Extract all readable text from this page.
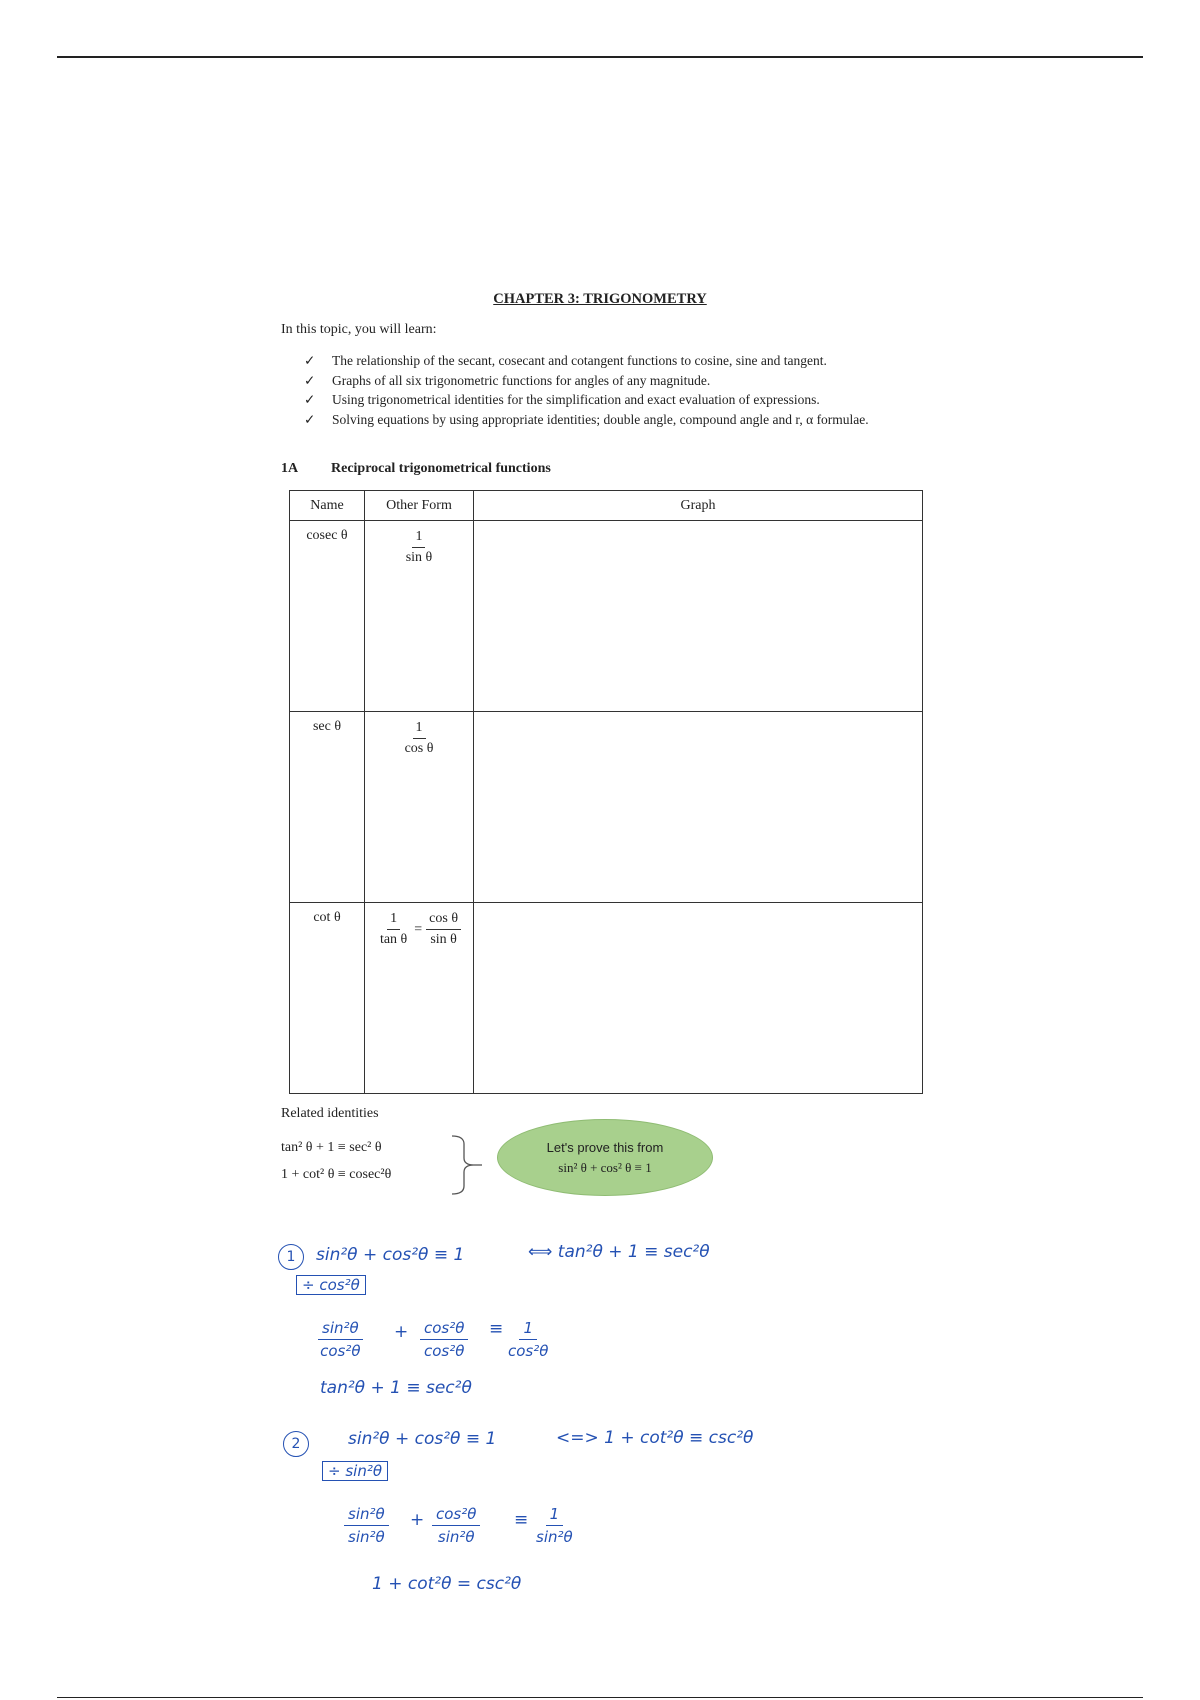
CHAPTER 3: TRIGONOMETRY
In this topic, you will learn:
✓ The relationship of the secant, cosecant and cotangent functions to cosine, sine and tangent.
✓ Graphs of all six trigonometric functions for angles of any magnitude.
✓ Using trigonometrical identities for the simplification and exact evaluation of expressions.
✓ Solving equations by using appropriate identities; double angle, compound angle and r, α formulae.
1A Reciprocal trigonometrical functions
Name	Other Form	Graph
cosec θ	$\frac{1}{\text{sin θ}}$

sec θ	$\frac{1}{\text{cos θ}}$

cot θ	$\frac{1}{\text{tan θ}} = \frac{\text{cos θ}}{\text{sin θ}}$

Related identities
tan² θ + 1 ≡ sec² θ
1 + cot² θ ≡ cosec²θ
Let's prove this from
sin² θ + cos² θ ≡ 1
1	sin²θ + cos²θ ≡ 1	⟺ tan²θ + 1 ≡ sec²θ
÷ cos²θ
$\frac{\text{sin²θ}}{\text{cos²θ}} + \frac{\text{cos²θ}}{\text{cos²θ}} \equiv \frac{1}{\text{cos²θ}}$
tan²θ + 1 ≡ sec²θ
2	sin²θ + cos²θ ≡ 1	<=> 1 + cot²θ ≡ csc²θ
÷ sin²θ
$\frac{\text{sin²θ}}{\text{sin²θ}} + \frac{\text{cos²θ}}{\text{sin²θ}} \equiv \frac{1}{\text{sin²θ}}$
1 + cot²θ = csc²θ
